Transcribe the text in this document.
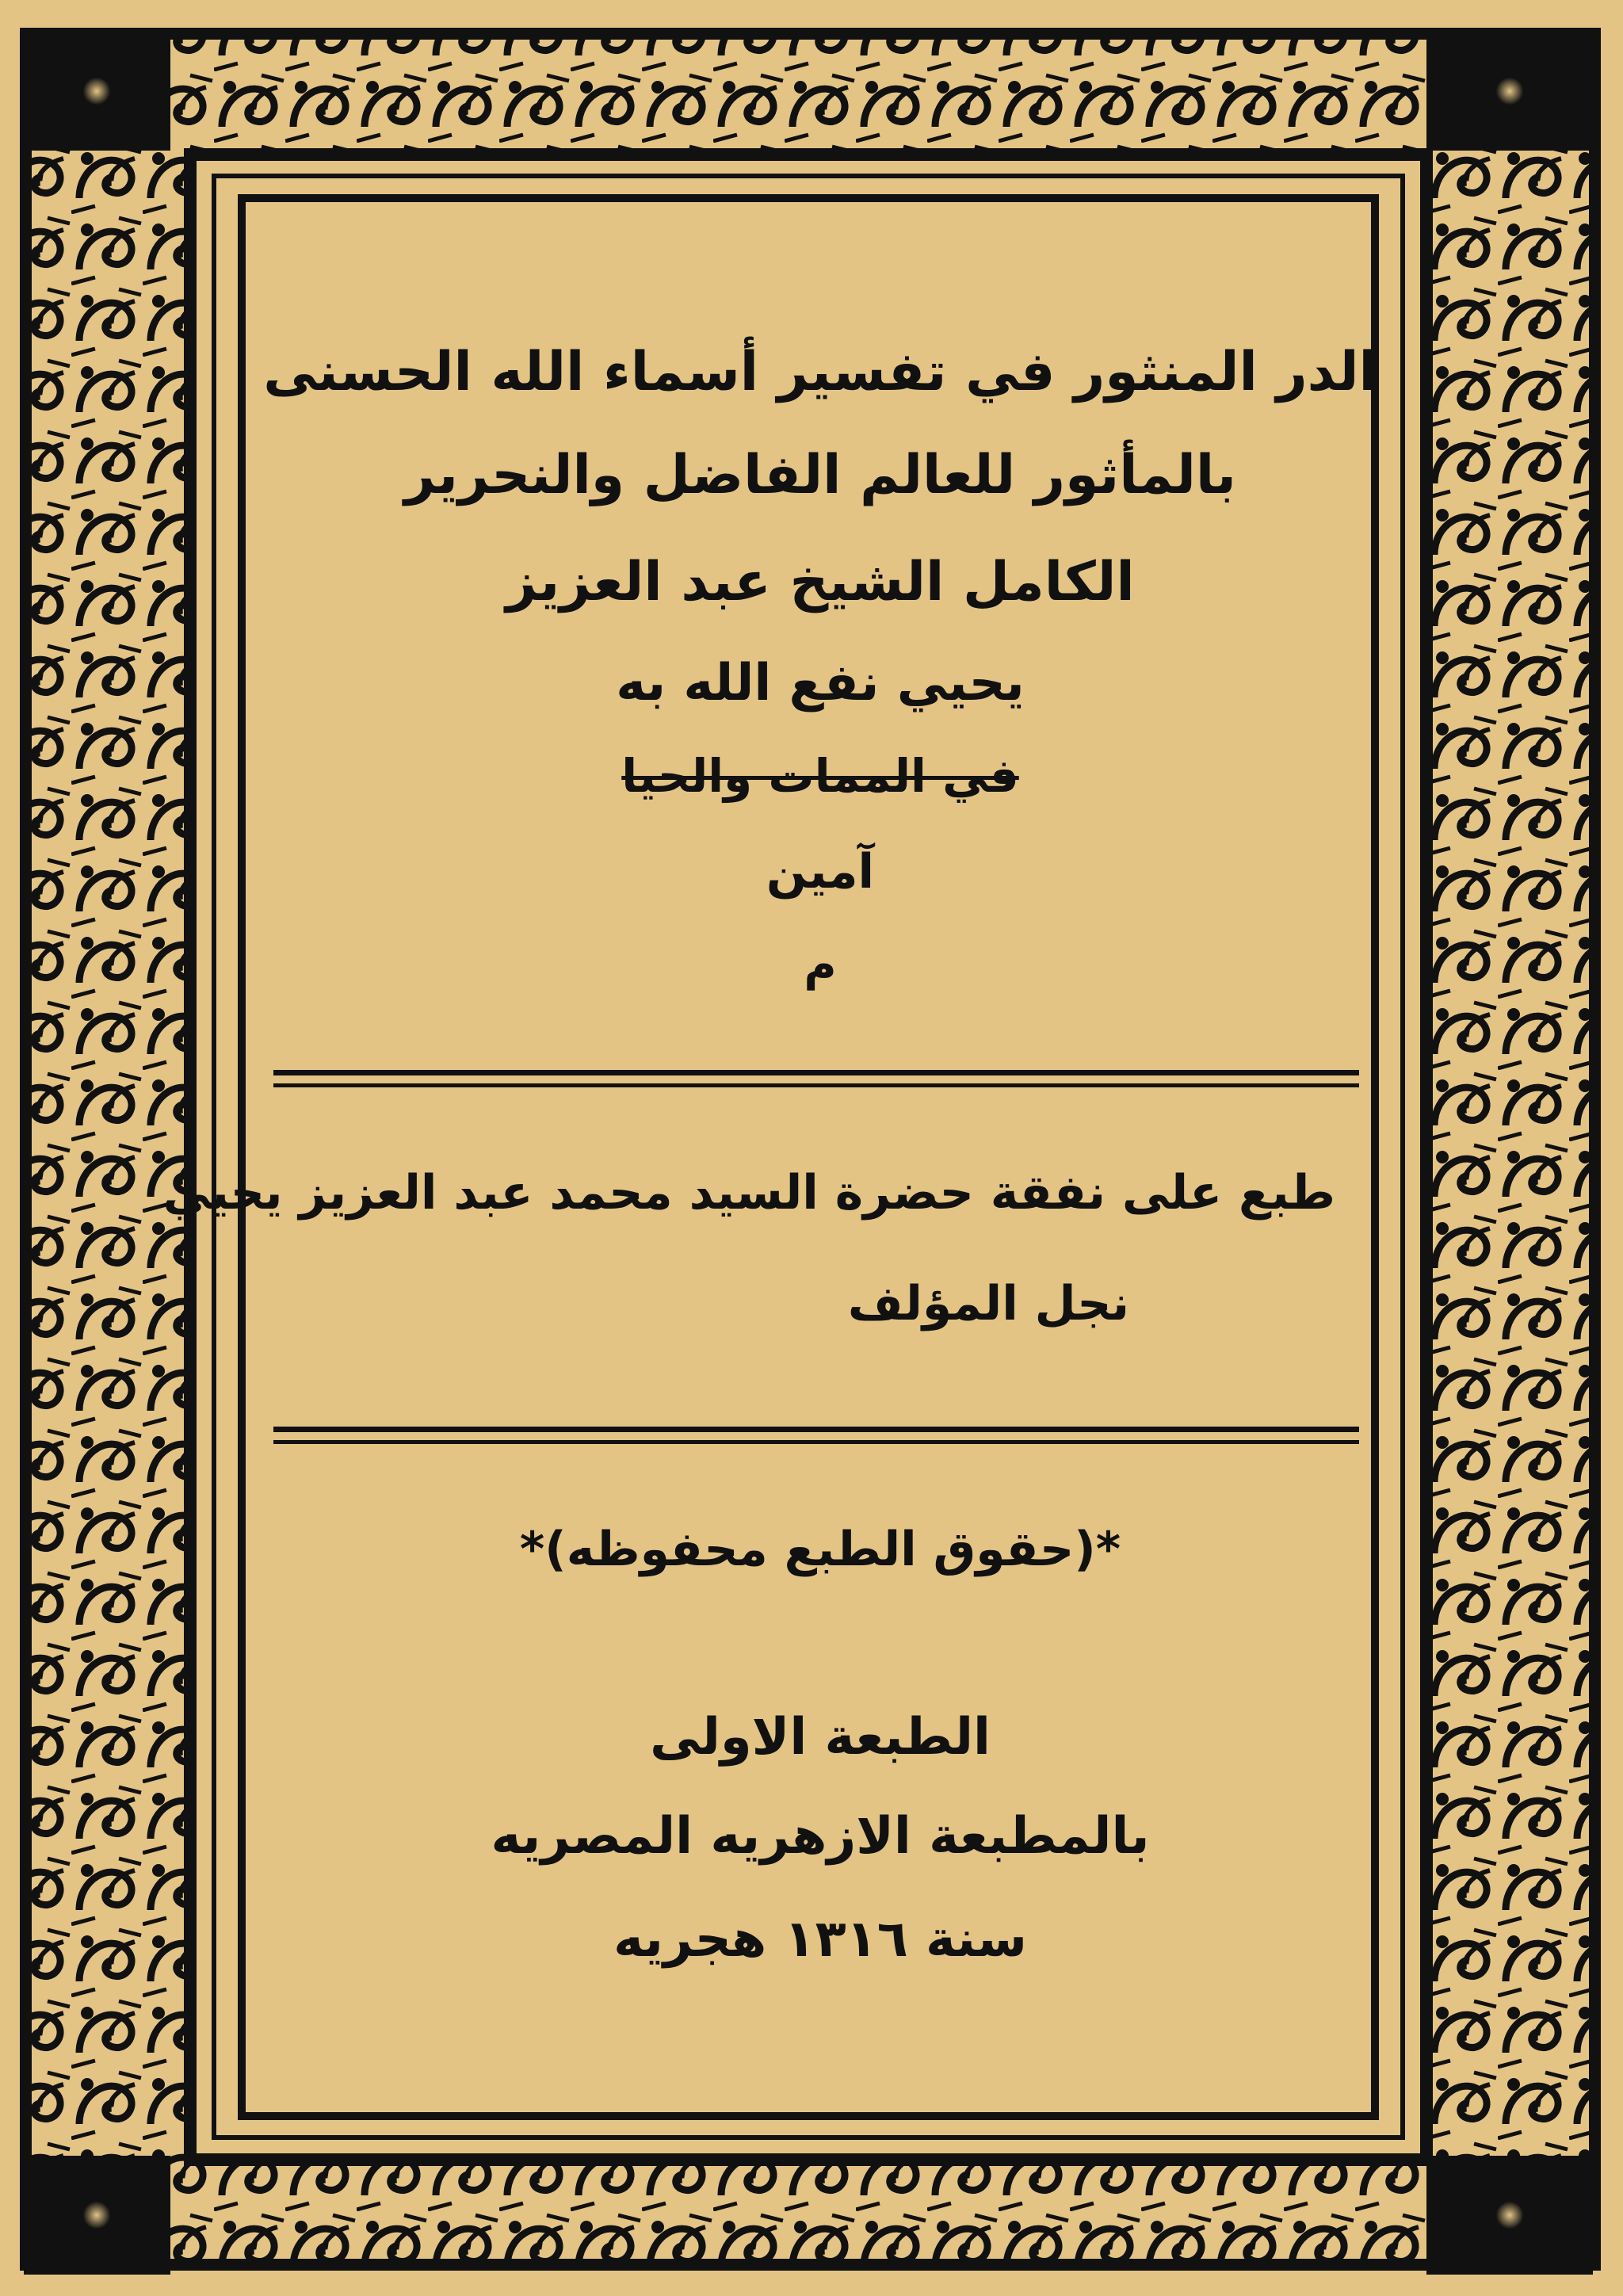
الدر المنثور في تفسير أسماء الله الحسنى

بالمأثور للعالم الفاضل والنحرير

الكامل الشيخ عبد العزيز

يحيي نفع الله به

في الممات والحيا

آمين

م

طبع على نفقة حضرة السيد محمد عبد العزيز يحيي

نجل المؤلف

*(حقوق الطبع محفوظه)*

الطبعة الاولى

بالمطبعة الازهريه المصريه

سنة ١٣١٦ هجريه
